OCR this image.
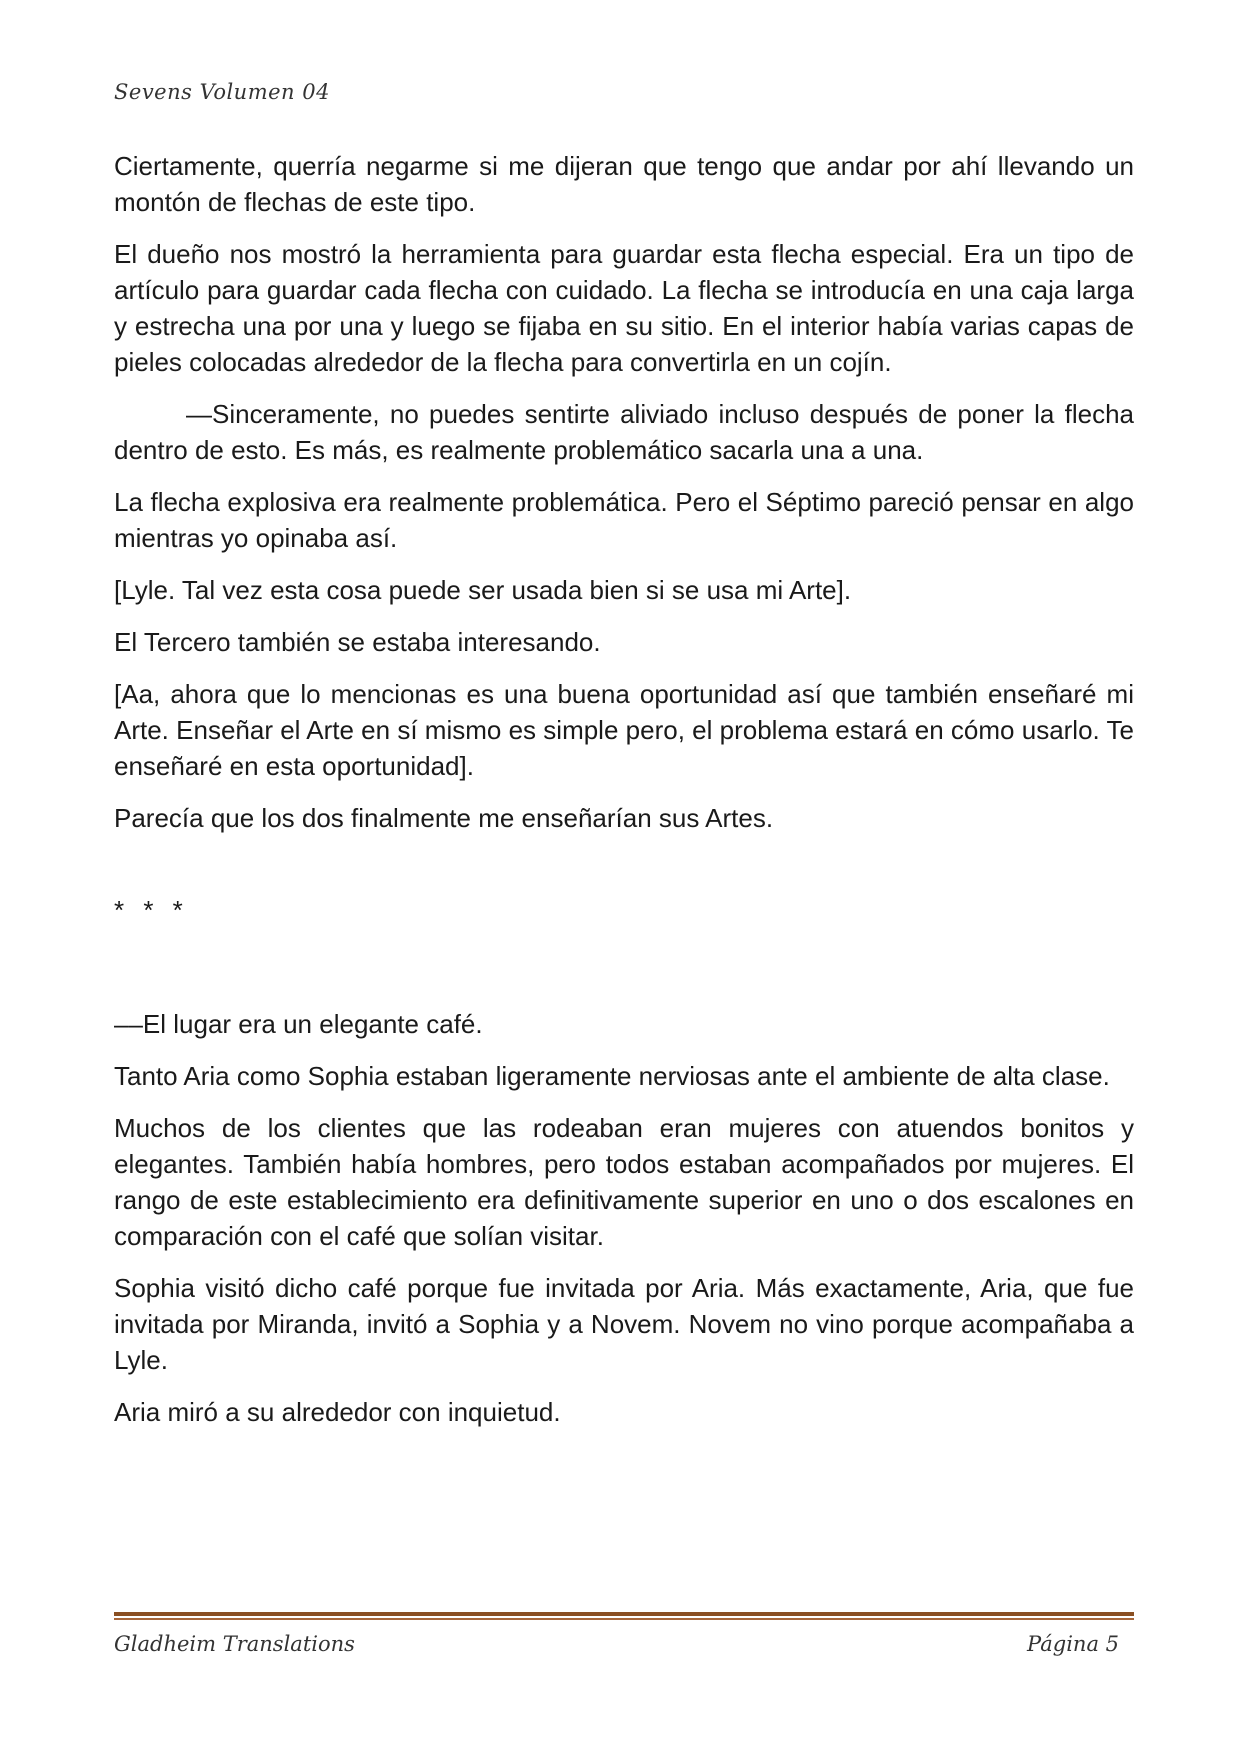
Sevens Volumen 04

Ciertamente, querría negarme si me dijeran que tengo que andar por ahí llevando un montón de flechas de este tipo.

El dueño nos mostró la herramienta para guardar esta flecha especial. Era un tipo de artículo para guardar cada flecha con cuidado. La flecha se introducía en una caja larga y estrecha una por una y luego se fijaba en su sitio. En el interior había varias capas de pieles colocadas alrededor de la flecha para convertirla en un cojín.

—Sinceramente, no puedes sentirte aliviado incluso después de poner la flecha dentro de esto. Es más, es realmente problemático sacarla una a una.

La flecha explosiva era realmente problemática. Pero el Séptimo pareció pensar en algo mientras yo opinaba así.

[Lyle. Tal vez esta cosa puede ser usada bien si se usa mi Arte].

El Tercero también se estaba interesando.

[Aa, ahora que lo mencionas es una buena oportunidad así que también enseñaré mi Arte. Enseñar el Arte en sí mismo es simple pero, el problema estará en cómo usarlo. Te enseñaré en esta oportunidad].

Parecía que los dos finalmente me enseñarían sus Artes.

* * *

––El lugar era un elegante café.

Tanto Aria como Sophia estaban ligeramente nerviosas ante el ambiente de alta clase.

Muchos de los clientes que las rodeaban eran mujeres con atuendos bonitos y elegantes. También había hombres, pero todos estaban acompañados por mujeres. El rango de este establecimiento era definitivamente superior en uno o dos escalones en comparación con el café que solían visitar.

Sophia visitó dicho café porque fue invitada por Aria. Más exactamente, Aria, que fue invitada por Miranda, invitó a Sophia y a Novem. Novem no vino porque acompañaba a Lyle.

Aria miró a su alrededor con inquietud.

Gladheim Translations	Página 5
